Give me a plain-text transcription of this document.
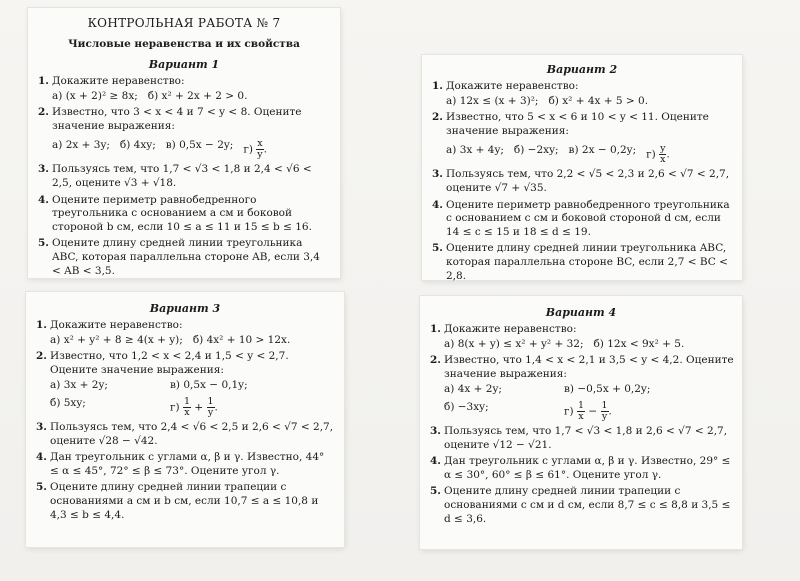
КОНТРОЛЬНАЯ РАБОТА № 7
Числовые неравенства и их свойства
Вариант 1
1. Докажите неравенство:
а) (x + 2)² ≥ 8x; б) x² + 2x + 2 > 0.
2. Известно, что 3 < x < 4 и 7 < y < 8. Оцените значение выражения:
а) 2x + 3y; б) 4xy; в) 0,5x − 2y; $г) \frac{x}{y}$ .
3. Пользуясь тем, что 1,7 < √3 < 1,8 и 2,4 < √6 < 2,5, оцените √3 + √18.
4. Оцените периметр равнобедренного треугольника с основанием a см и боковой стороной b см, если 10 ≤ a ≤ 11 и 15 ≤ b ≤ 16.
5. Оцените длину средней линии треугольника ABC, которая параллельна стороне AB, если 3,4 < AB < 3,5.
Вариант 2
1. Докажите неравенство:
а) 12x ≤ (x + 3)²; б) x² + 4x + 5 > 0.
2. Известно, что 5 < x < 6 и 10 < y < 11. Оцените значение выражения:
а) 3x + 4y; б) −2xy; в) 2x − 0,2y; $г) \frac{y}{x}$ .
3. Пользуясь тем, что 2,2 < √5 < 2,3 и 2,6 < √7 < 2,7, оцените √7 + √35.
4. Оцените периметр равнобедренного треугольника с основанием c см и боковой стороной d см, если 14 ≤ c ≤ 15 и 18 ≤ d ≤ 19.
5. Оцените длину средней линии треугольника ABC, которая параллельна стороне BC, если 2,7 < BC < 2,8.
Вариант 3
1. Докажите неравенство:
а) x² + y² + 8 ≥ 4(x + y); б) 4x² + 10 > 12x.
2. Известно, что 1,2 < x < 2,4 и 1,5 < y < 2,7. Оцените значение выражения:
а) 3x + 2y;	в) 0,5x − 0,1y;
б) 5xy;	$г) \frac{1}{x} + \frac{1}{y}$ .
3. Пользуясь тем, что 2,4 < √6 < 2,5 и 2,6 < √7 < 2,7, оцените √28 − √42.
4. Дан треугольник с углами α, β и γ. Известно, 44° ≤ α ≤ 45°, 72° ≤ β ≤ 73°. Оцените угол γ.
5. Оцените длину средней линии трапеции с основаниями a см и b см, если 10,7 ≤ a ≤ 10,8 и 4,3 ≤ b ≤ 4,4.
Вариант 4
1. Докажите неравенство:
а) 8(x + y) ≤ x² + y² + 32; б) 12x < 9x² + 5.
2. Известно, что 1,4 < x < 2,1 и 3,5 < y < 4,2. Оцените значение выражения:
а) 4x + 2y;	в) −0,5x + 0,2y;
б) −3xy;	$г) \frac{1}{x} - \frac{1}{y}$ .
3. Пользуясь тем, что 1,7 < √3 < 1,8 и 2,6 < √7 < 2,7, оцените √12 − √21.
4. Дан треугольник с углами α, β и γ. Известно, 29° ≤ α ≤ 30°, 60° ≤ β ≤ 61°. Оцените угол γ.
5. Оцените длину средней линии трапеции с основаниями c см и d см, если 8,7 ≤ c ≤ 8,8 и 3,5 ≤ d ≤ 3,6.
